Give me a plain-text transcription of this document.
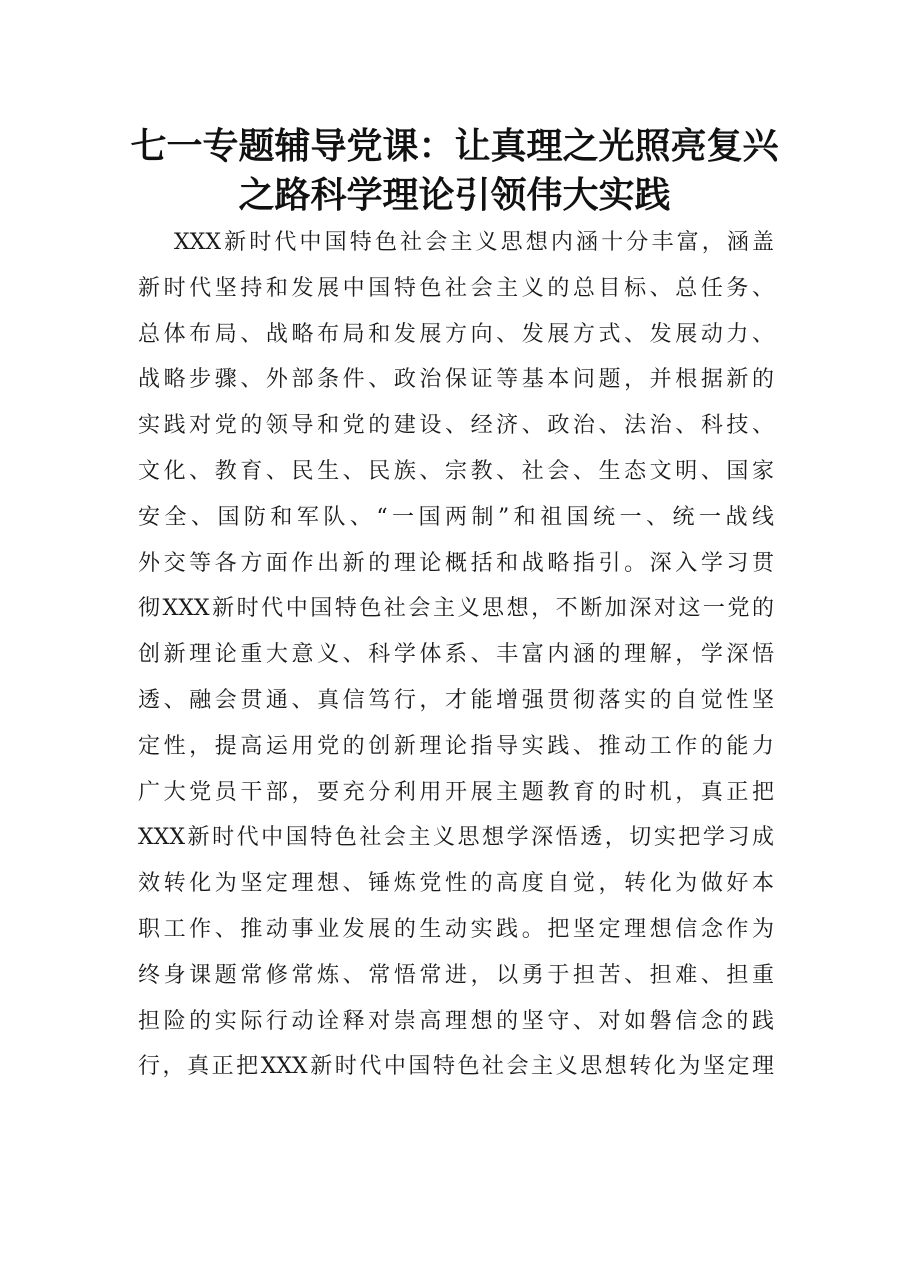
七一专题辅导党课：让真理之光照亮复兴
之路科学理论引领伟大实践
XXX新时代中国特色社会主义思想内涵十分丰富，涵盖
新时代坚持和发展中国特色社会主义的总目标、总任务、
总体布局、战略布局和发展方向、发展方式、发展动力、
战略步骤、外部条件、政治保证等基本问题，并根据新的
实践对党的领导和党的建设、经济、政治、法治、科技、
文化、教育、民生、民族、宗教、社会、生态文明、国家
安全、国防和军队、“一国两制”和祖国统一、统一战线
外交等各方面作出新的理论概括和战略指引。深入学习贯
彻XXX新时代中国特色社会主义思想，不断加深对这一党的
创新理论重大意义、科学体系、丰富内涵的理解，学深悟
透、融会贯通、真信笃行，才能增强贯彻落实的自觉性坚
定性，提高运用党的创新理论指导实践、推动工作的能力
广大党员干部，要充分利用开展主题教育的时机，真正把
XXX新时代中国特色社会主义思想学深悟透，切实把学习成
效转化为坚定理想、锤炼党性的高度自觉，转化为做好本
职工作、推动事业发展的生动实践。把坚定理想信念作为
终身课题常修常炼、常悟常进，以勇于担苦、担难、担重
担险的实际行动诠释对崇高理想的坚守、对如磐信念的践
行，真正把XXX新时代中国特色社会主义思想转化为坚定理
